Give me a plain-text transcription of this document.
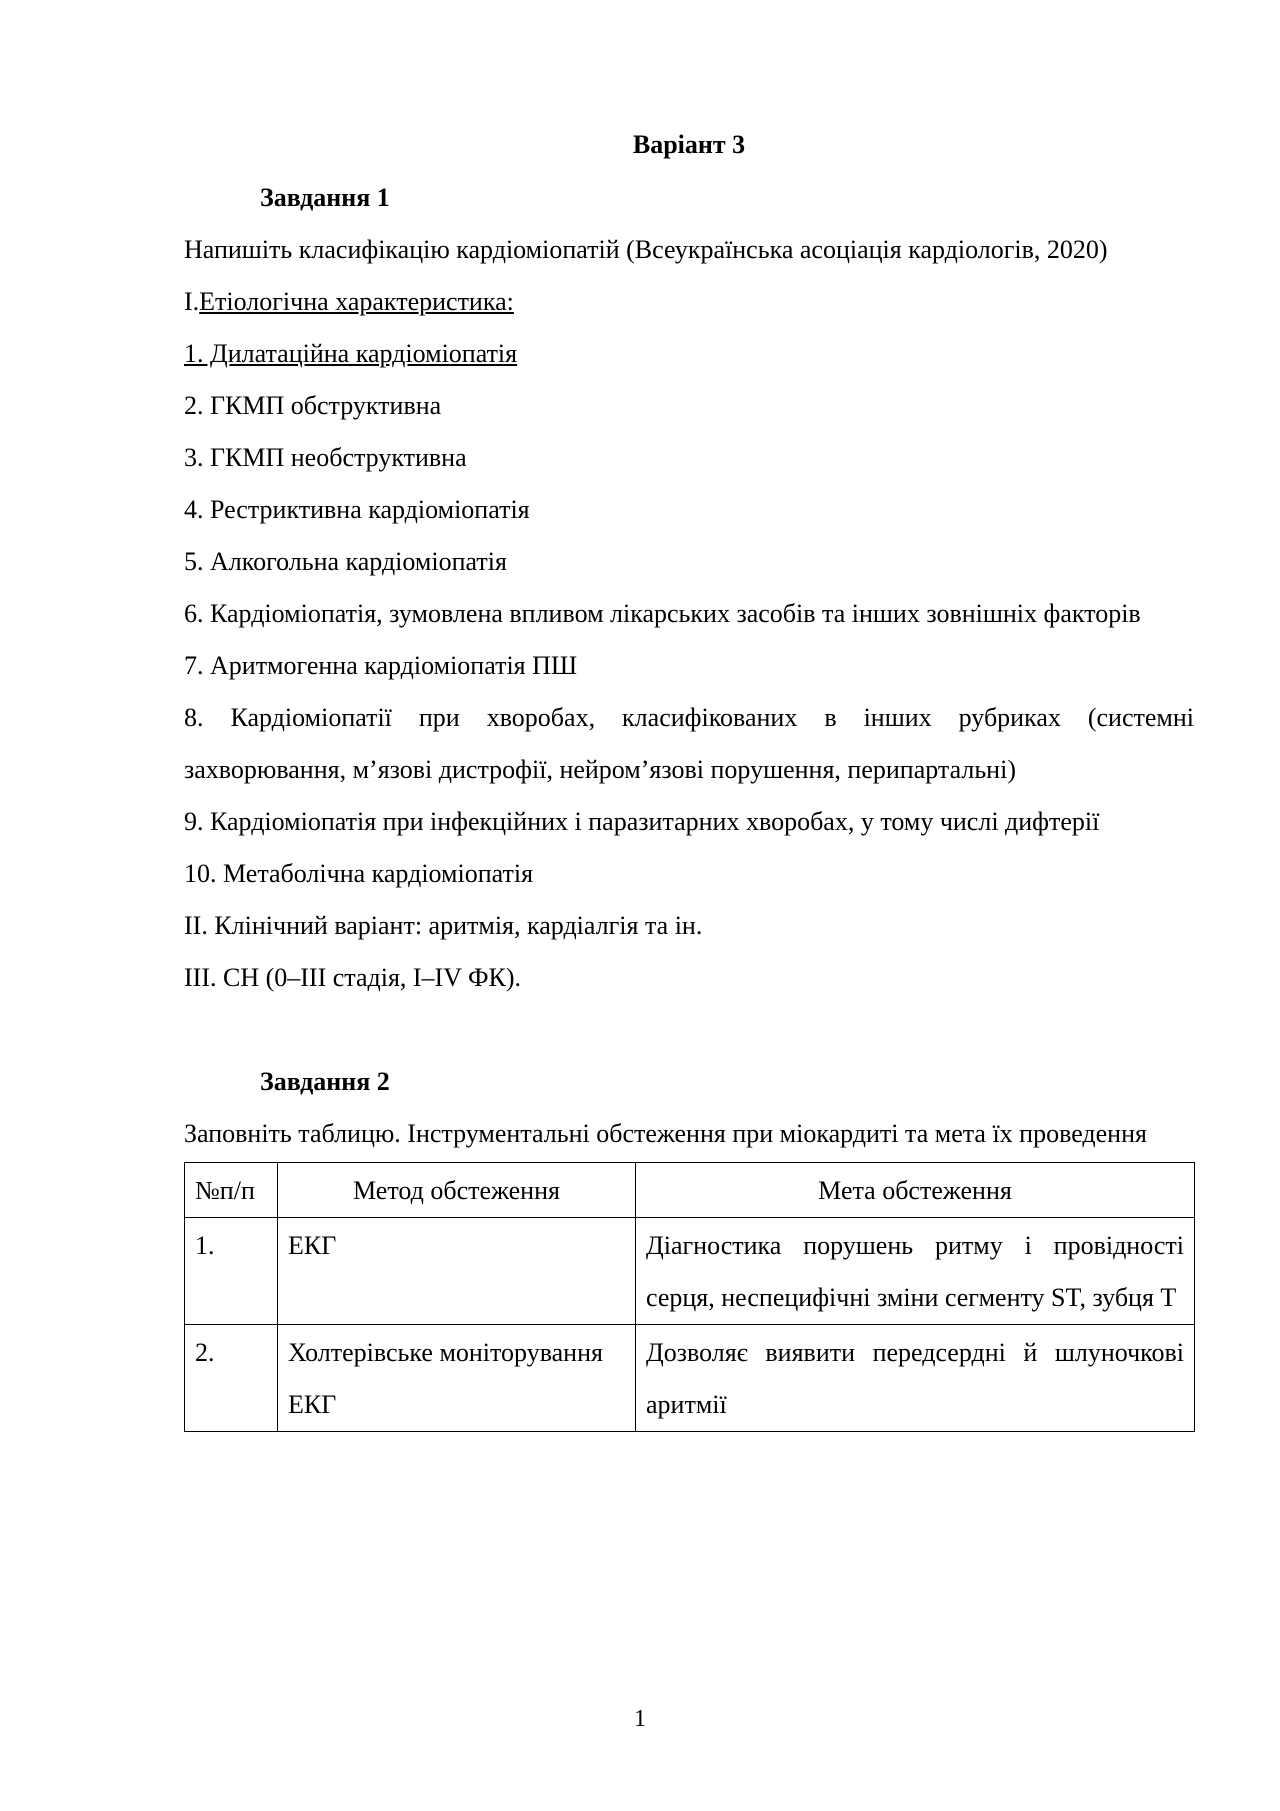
Варіант 3

Завдання 1

Напишіть класифікацію кардіоміопатій (Всеукраїнська асоціація кардіологів, 2020)

I.Етіологічна характеристика:

1. Дилатаційна кардіоміопатія

2. ГКМП обструктивна

3. ГКМП необструктивна

4. Рестриктивна кардіоміопатія

5. Алкогольна кардіоміопатія

6. Кардіоміопатія, зумовлена впливом лікарських засобів та інших зовнішніх факторів

7. Аритмогенна кардіоміопатія ПШ

8. Кардіоміопатії при хворобах, класифікованих в інших рубриках (системні захворювання, м’язові дистрофії, нейром’язові порушення, перипартальні)

9. Кардіоміопатія при інфекційних і паразитарних хворобах, у тому числі дифтерії

10. Метаболічна кардіоміопатія

II. Клінічний варіант: аритмія, кардіалгія та ін.

III. СН (0–III стадія, I–IV ФК).

Завдання 2

Заповніть таблицю. Інструментальні обстеження при міокардиті та мета їх проведення

№п/п	Метод обстеження	Мета обстеження
1.	ЕКГ	Діагностика порушень ритму і провідності серця, неспецифічні зміни сегменту ST, зубця Т
2.	Холтерівське моніторування ЕКГ	Дозволяє виявити передсердні й шлуночкові аритмії
1
